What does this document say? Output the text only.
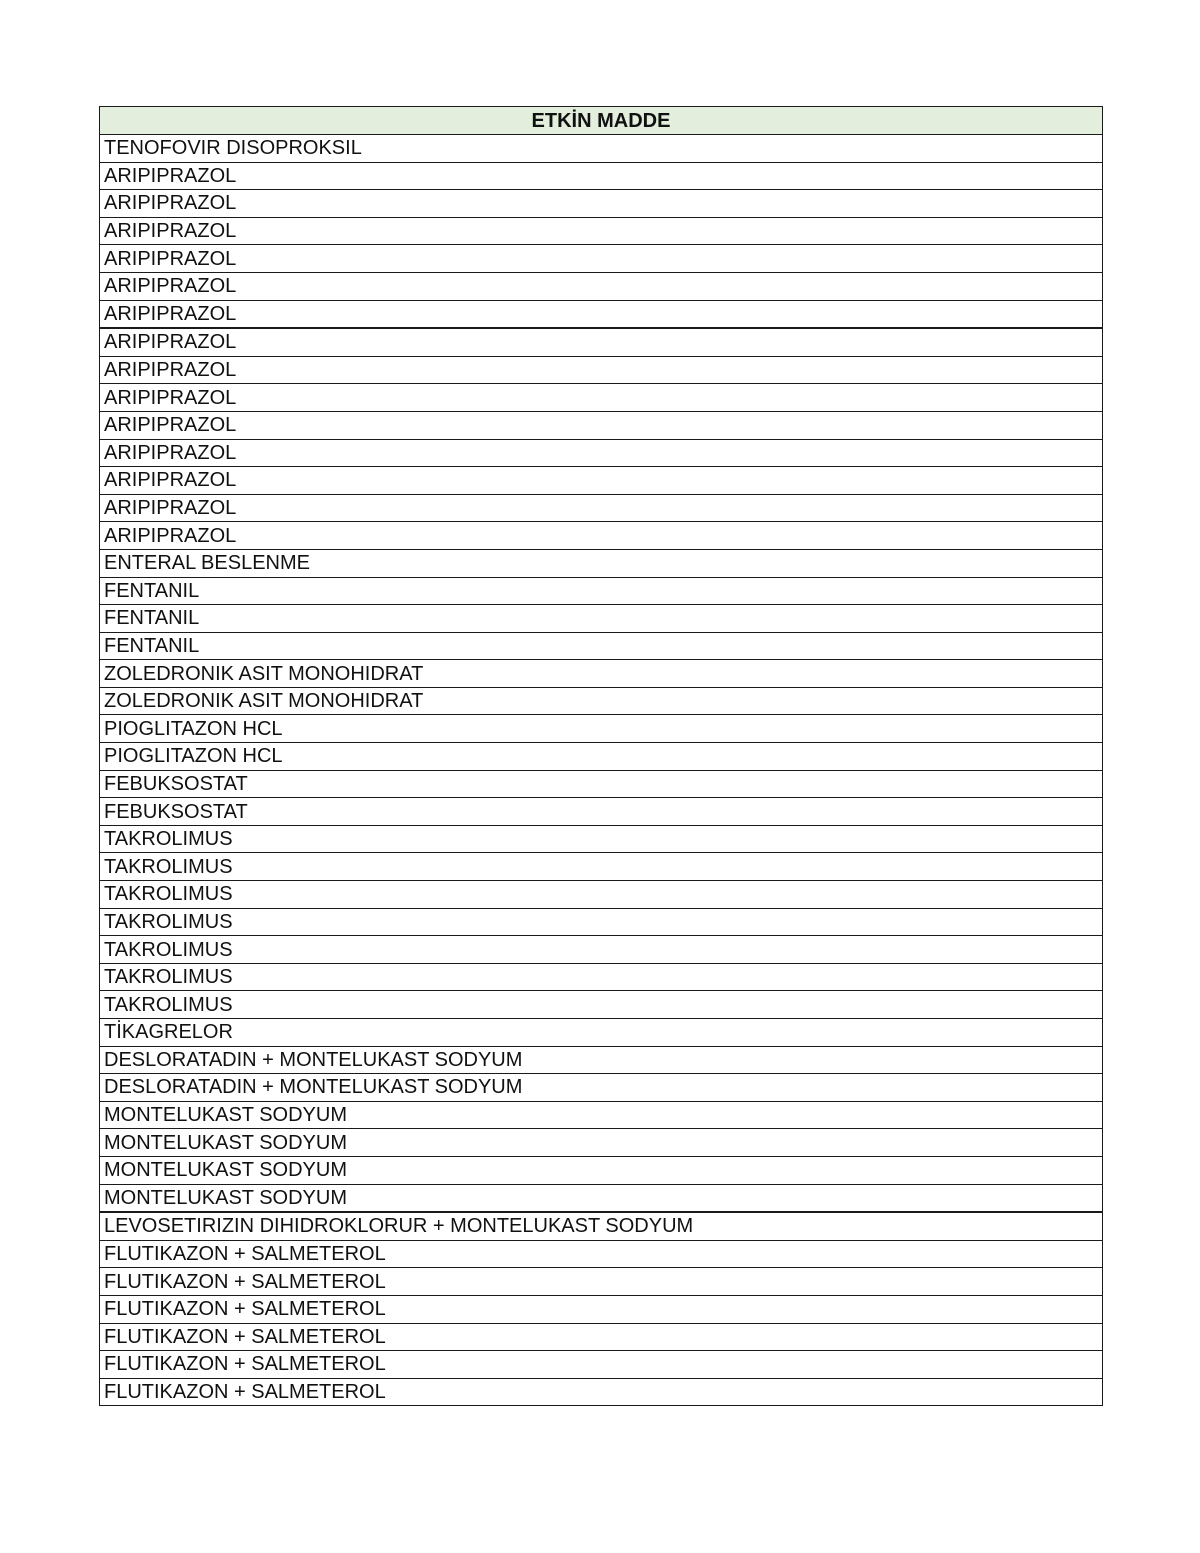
ETKİN MADDE
TENOFOVIR DISOPROKSIL
ARIPIPRAZOL
ARIPIPRAZOL
ARIPIPRAZOL
ARIPIPRAZOL
ARIPIPRAZOL
ARIPIPRAZOL
ARIPIPRAZOL
ARIPIPRAZOL
ARIPIPRAZOL
ARIPIPRAZOL
ARIPIPRAZOL
ARIPIPRAZOL
ARIPIPRAZOL
ARIPIPRAZOL
ENTERAL BESLENME
FENTANIL
FENTANIL
FENTANIL
ZOLEDRONIK ASIT MONOHIDRAT
ZOLEDRONIK ASIT MONOHIDRAT
PIOGLITAZON HCL
PIOGLITAZON HCL
FEBUKSOSTAT
FEBUKSOSTAT
TAKROLIMUS
TAKROLIMUS
TAKROLIMUS
TAKROLIMUS
TAKROLIMUS
TAKROLIMUS
TAKROLIMUS
TİKAGRELOR
DESLORATADIN + MONTELUKAST SODYUM
DESLORATADIN + MONTELUKAST SODYUM
MONTELUKAST SODYUM
MONTELUKAST SODYUM
MONTELUKAST SODYUM
MONTELUKAST SODYUM
LEVOSETIRIZIN DIHIDROKLORUR + MONTELUKAST SODYUM
FLUTIKAZON + SALMETEROL
FLUTIKAZON + SALMETEROL
FLUTIKAZON + SALMETEROL
FLUTIKAZON + SALMETEROL
FLUTIKAZON + SALMETEROL
FLUTIKAZON + SALMETEROL
